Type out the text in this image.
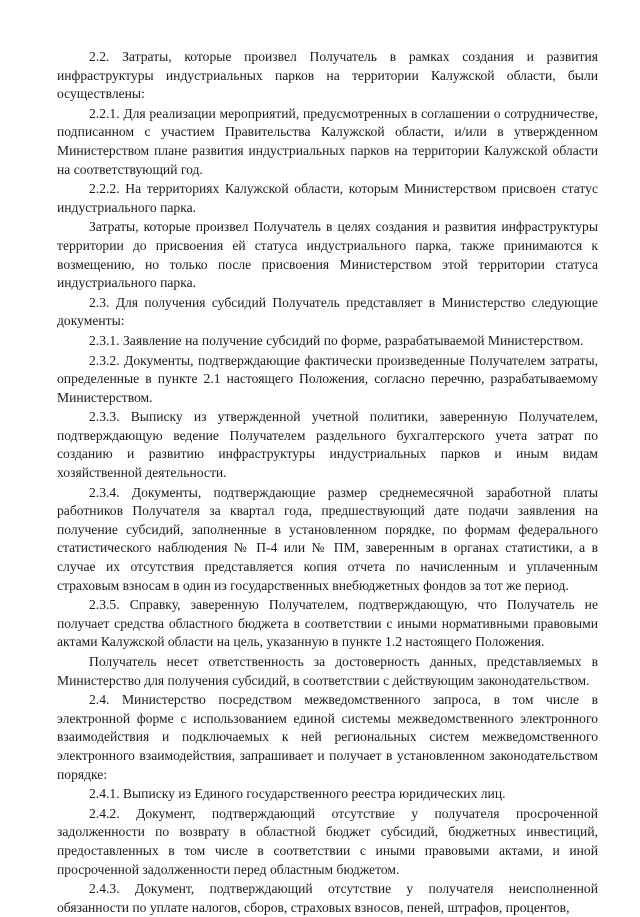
2.2. Затраты, которые произвел Получатель в рамках создания и развития инфраструктуры индустриальных парков на территории Калужской области, были осуществлены:

2.2.1. Для реализации мероприятий, предусмотренных в соглашении о сотрудничестве, подписанном с участием Правительства Калужской области, и/или в утвержденном Министерством плане развития индустриальных парков на территории Калужской области на соответствующий год.

2.2.2. На территориях Калужской области, которым Министерством присвоен статус индустриального парка.

Затраты, которые произвел Получатель в целях создания и развития инфраструктуры территории до присвоения ей статуса индустриального парка, также принимаются к возмещению, но только после присвоения Министерством этой территории статуса индустриального парка.

2.3. Для получения субсидий Получатель представляет в Министерство следующие документы:

2.3.1. Заявление на получение субсидий по форме, разрабатываемой Министерством.

2.3.2. Документы, подтверждающие фактически произведенные Получателем затраты, определенные в пункте 2.1 настоящего Положения, согласно перечню, разрабатываемому Министерством.

2.3.3. Выписку из утвержденной учетной политики, заверенную Получателем, подтверждающую ведение Получателем раздельного бухгалтерского учета затрат по созданию и развитию инфраструктуры индустриальных парков и иным видам хозяйственной деятельности.

2.3.4. Документы, подтверждающие размер среднемесячной заработной платы работников Получателя за квартал года, предшествующий дате подачи заявления на получение субсидий, заполненные в установленном порядке, по формам федерального статистического наблюдения № П-4 или № ПМ, заверенным в органах статистики, а в случае их отсутствия представляется копия отчета по начисленным и уплаченным страховым взносам в один из государственных внебюджетных фондов за тот же период.

2.3.5. Справку, заверенную Получателем, подтверждающую, что Получатель не получает средства областного бюджета в соответствии с иными нормативными правовыми актами Калужской области на цель, указанную в пункте 1.2 настоящего Положения.

Получатель несет ответственность за достоверность данных, представляемых в Министерство для получения субсидий, в соответствии с действующим законодательством.

2.4. Министерство посредством межведомственного запроса, в том числе в электронной форме с использованием единой системы межведомственного электронного взаимодействия и подключаемых к ней региональных систем межведомственного электронного взаимодействия, запрашивает и получает в установленном законодательством порядке:

2.4.1. Выписку из Единого государственного реестра юридических лиц.

2.4.2. Документ, подтверждающий отсутствие у получателя просроченной задолженности по возврату в областной бюджет субсидий, бюджетных инвестиций, предоставленных в том числе в соответствии с иными правовыми актами, и иной просроченной задолженности перед областным бюджетом.

2.4.3. Документ, подтверждающий отсутствие у получателя неисполненной обязанности по уплате налогов, сборов, страховых взносов, пеней, штрафов, процентов,
